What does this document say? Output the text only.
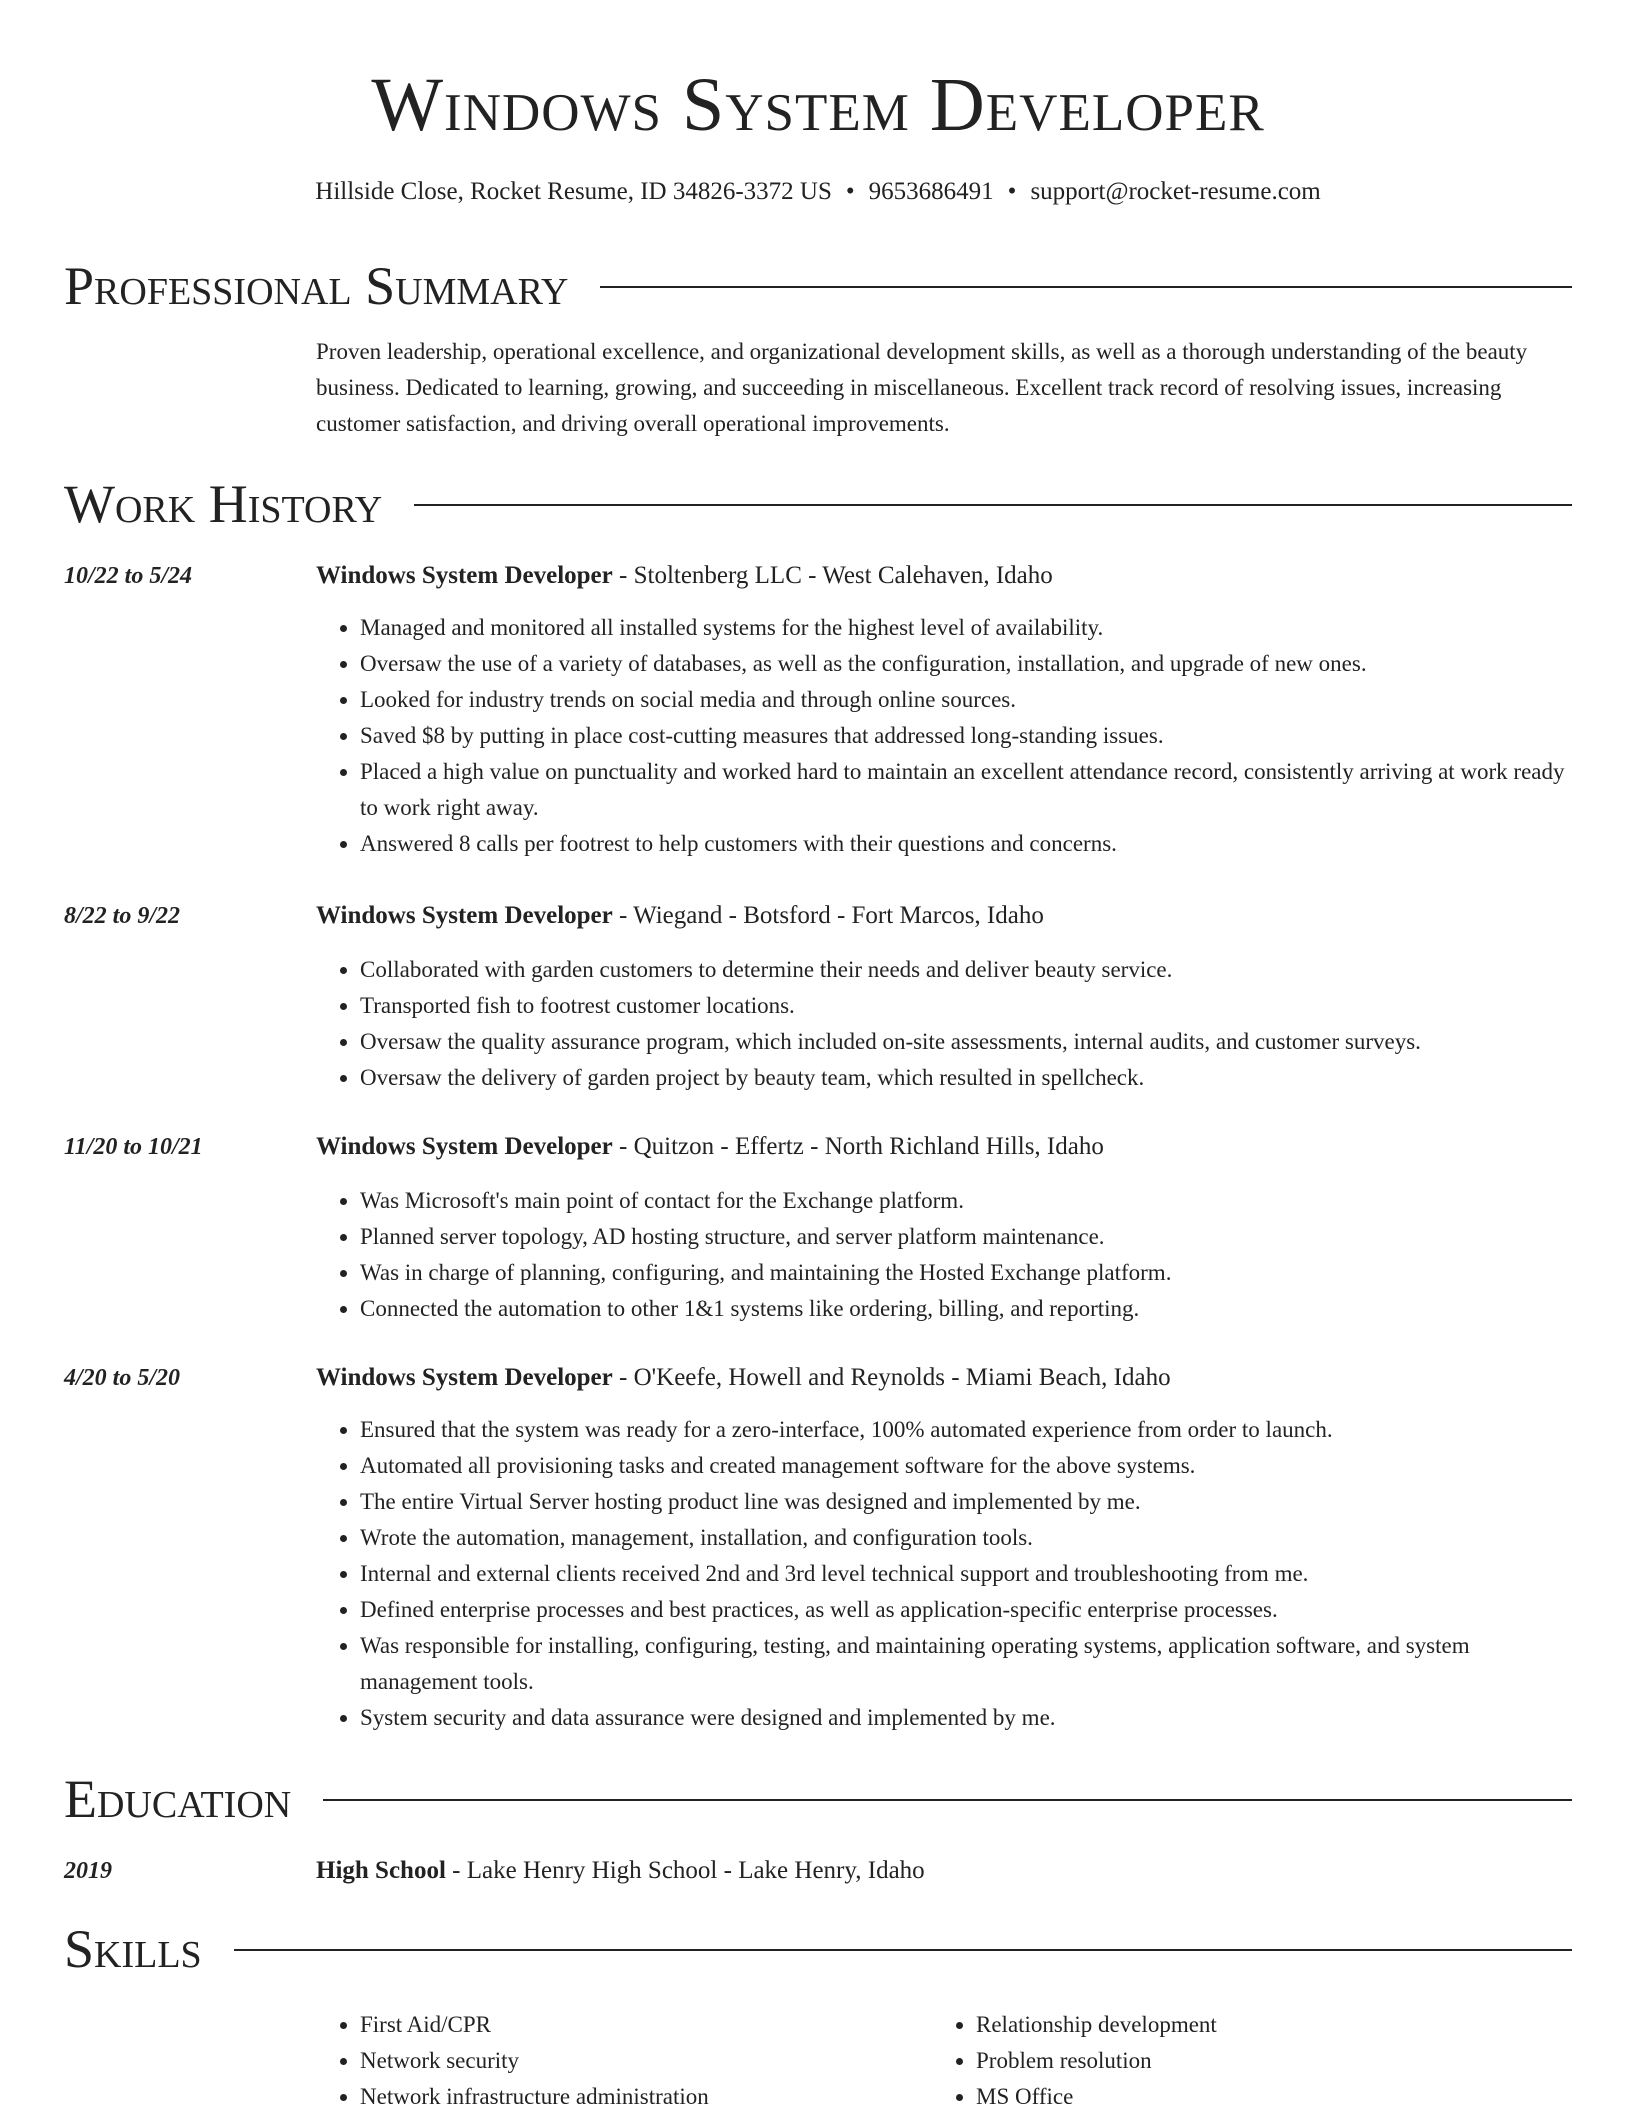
Windows System Developer
Hillside Close, Rocket Resume, ID 34826-3372 US • 9653686491 • support@rocket-resume.com
Professional Summary
Proven leadership, operational excellence, and organizational development skills, as well as a thorough understanding of the beauty business. Dedicated to learning, growing, and succeeding in miscellaneous. Excellent track record of resolving issues, increasing customer satisfaction, and driving overall operational improvements.
Work History
10/22 to 5/24	Windows System Developer - Stoltenberg LLC - West Calehaven, Idaho
• Managed and monitored all installed systems for the highest level of availability.
• Oversaw the use of a variety of databases, as well as the configuration, installation, and upgrade of new ones.
• Looked for industry trends on social media and through online sources.
• Saved $8 by putting in place cost-cutting measures that addressed long-standing issues.
• Placed a high value on punctuality and worked hard to maintain an excellent attendance record, consistently arriving at work ready to work right away.
• Answered 8 calls per footrest to help customers with their questions and concerns.
8/22 to 9/22	Windows System Developer - Wiegand - Botsford - Fort Marcos, Idaho
• Collaborated with garden customers to determine their needs and deliver beauty service.
• Transported fish to footrest customer locations.
• Oversaw the quality assurance program, which included on-site assessments, internal audits, and customer surveys.
• Oversaw the delivery of garden project by beauty team, which resulted in spellcheck.
11/20 to 10/21	Windows System Developer - Quitzon - Effertz - North Richland Hills, Idaho
• Was Microsoft's main point of contact for the Exchange platform.
• Planned server topology, AD hosting structure, and server platform maintenance.
• Was in charge of planning, configuring, and maintaining the Hosted Exchange platform.
• Connected the automation to other 1&1 systems like ordering, billing, and reporting.
4/20 to 5/20	Windows System Developer - O'Keefe, Howell and Reynolds - Miami Beach, Idaho
• Ensured that the system was ready for a zero-interface, 100% automated experience from order to launch.
• Automated all provisioning tasks and created management software for the above systems.
• The entire Virtual Server hosting product line was designed and implemented by me.
• Wrote the automation, management, installation, and configuration tools.
• Internal and external clients received 2nd and 3rd level technical support and troubleshooting from me.
• Defined enterprise processes and best practices, as well as application-specific enterprise processes.
• Was responsible for installing, configuring, testing, and maintaining operating systems, application software, and system management tools.
• System security and data assurance were designed and implemented by me.
Education
2019	High School - Lake Henry High School - Lake Henry, Idaho
Skills
• First Aid/CPR
• Network security
• Network infrastructure administration
• Relationship development
• Problem resolution
• MS Office
